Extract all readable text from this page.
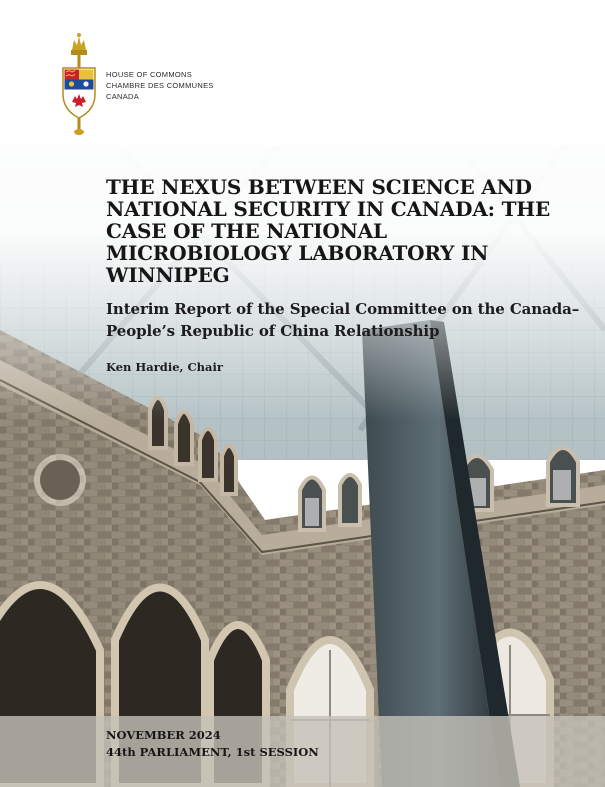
HOUSE OF COMMONS
CHAMBRE DES COMMUNES
CANADA
THE NEXUS BETWEEN SCIENCE AND NATIONAL SECURITY IN CANADA: THE CASE OF THE NATIONAL MICROBIOLOGY LABORATORY IN WINNIPEG
Interim Report of the Special Committee on the Canada–People’s Republic of China Relationship

Ken Hardie, Chair

NOVEMBER 2024
44th PARLIAMENT, 1st SESSION
